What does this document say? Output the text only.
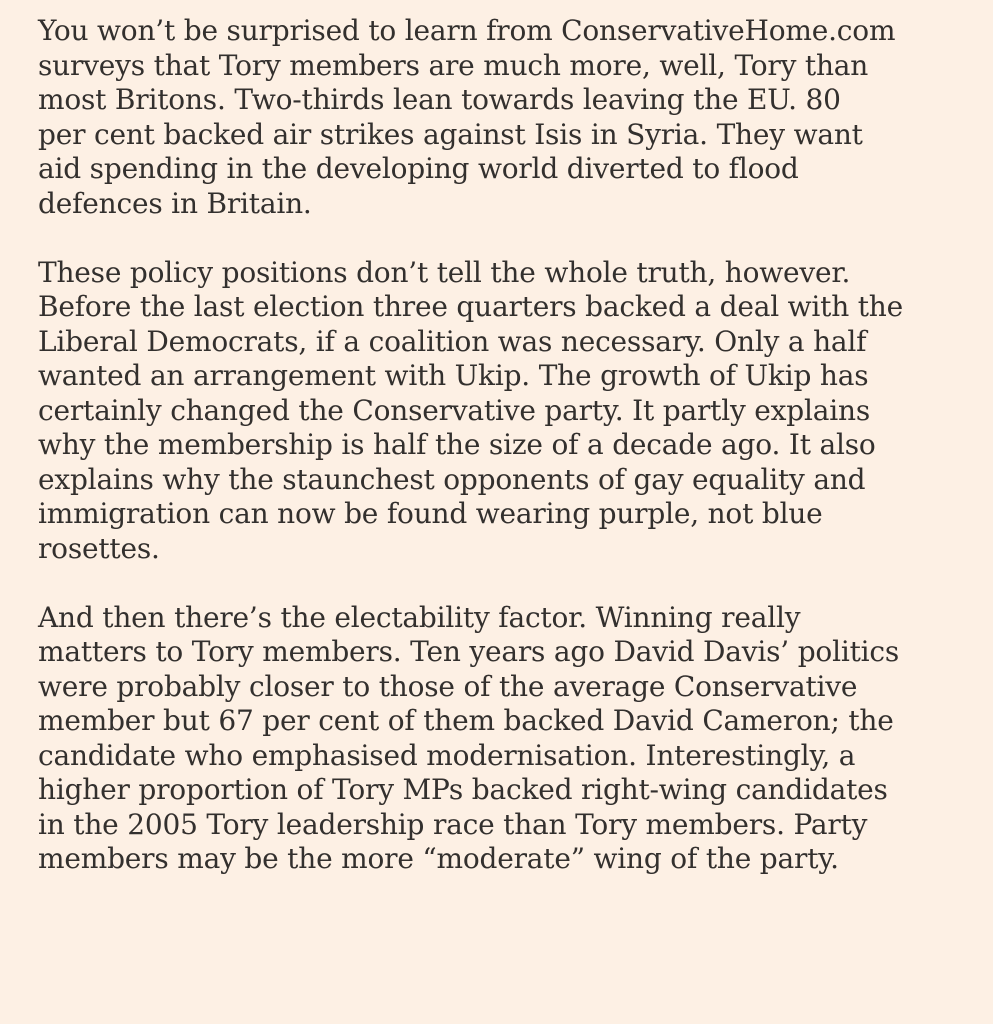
You won’t be surprised to learn from ConservativeHome.com
surveys that Tory members are much more, well, Tory than
most Britons. Two-thirds lean towards leaving the EU. 80
per cent backed air strikes against Isis in Syria. They want
aid spending in the developing world diverted to flood
defences in Britain.

These policy positions don’t tell the whole truth, however.
Before the last election three quarters backed a deal with the
Liberal Democrats, if a coalition was necessary. Only a half
wanted an arrangement with Ukip. The growth of Ukip has
certainly changed the Conservative party. It partly explains
why the membership is half the size of a decade ago. It also
explains why the staunchest opponents of gay equality and
immigration can now be found wearing purple, not blue
rosettes.

And then there’s the electability factor. Winning really
matters to Tory members. Ten years ago David Davis’ politics
were probably closer to those of the average Conservative
member but 67 per cent of them backed David Cameron; the
candidate who emphasised modernisation. Interestingly, a
higher proportion of Tory MPs backed right-wing candidates
in the 2005 Tory leadership race than Tory members. Party
members may be the more “moderate” wing of the party.
